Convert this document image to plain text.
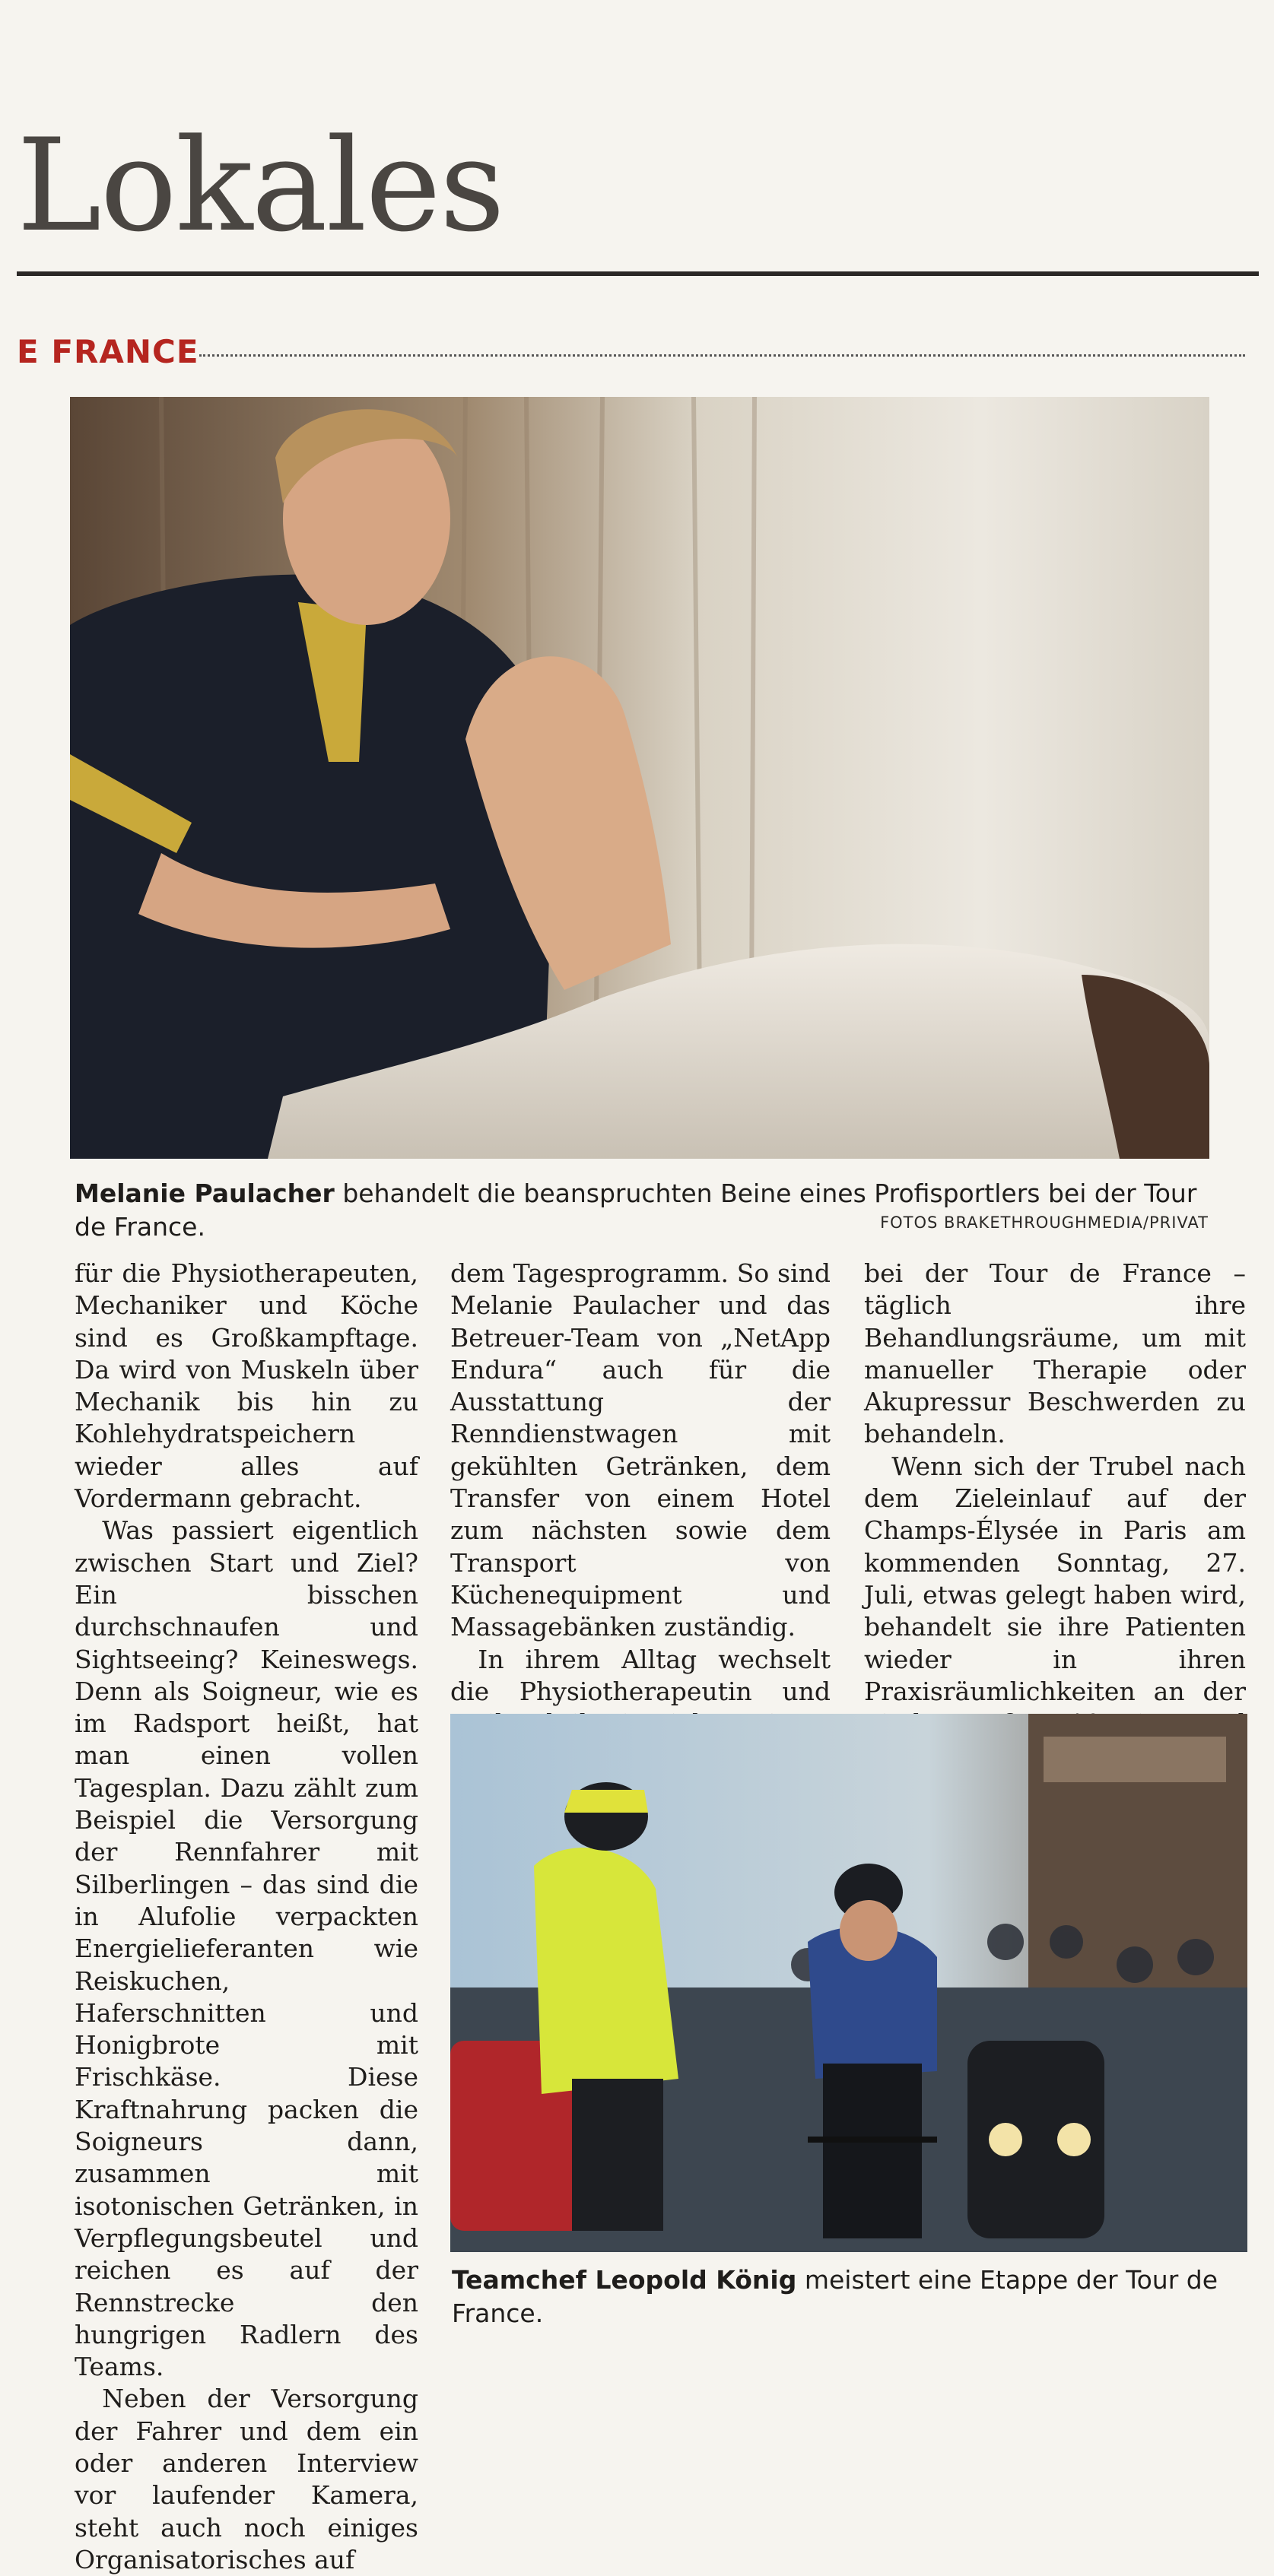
Lokales
E FRANCE
Melanie Paulacher behandelt die beanspruchten Beine eines Profisportlers bei der Tour de France.	FOTOS BRAKETHROUGHMEDIA/PRIVAT

für die Physiotherapeuten, Mechaniker und Köche sind es Großkampftage. Da wird von Muskeln über Mechanik bis hin zu Kohlehydratspeichern wieder alles auf Vordermann gebracht.

Was passiert eigentlich zwischen Start und Ziel? Ein bisschen durchschnaufen und Sightseeing? Keineswegs. Denn als Soigneur, wie es im Radsport heißt, hat man einen vollen Tagesplan. Dazu zählt zum Beispiel die Versorgung der Rennfahrer mit Silberlingen – das sind die in Alufolie verpackten Energielieferanten wie Reiskuchen, Haferschnitten und Honigbrote mit Frischkäse. Diese Kraftnahrung packen die Soigneurs dann, zusammen mit isotonischen Getränken, in Verpflegungsbeutel und reichen es auf der Rennstrecke den hungrigen Radlern des Teams.

Neben der Versorgung der Fahrer und dem ein oder anderen Interview vor laufender Kamera, steht auch noch einiges Organisatorisches auf

dem Tagesprogramm. So sind Melanie Paulacher und das Betreuer-Team von „NetApp Endura“ auch für die Ausstattung der Renndienstwagen mit gekühlten Getränken, dem Transfer von einem Hotel zum nächsten sowie dem Transport von Küchenequipment und Massagebänken zuständig.

In ihrem Alltag wechselt die Physiotherapeutin und

bei der Tour de France – täglich ihre Behandlungsräume, um mit manueller Therapie oder Akupressur Beschwerden zu behandeln.

Wenn sich der Trubel nach dem Zieleinlauf auf der Champs-Élysée in Paris am kommenden Sonntag, 27. Juli, etwas gelegt haben wird, behandelt sie ihre Patienten wieder in ihren Praxisräumlichkeiten an der

Teamchef Leopold König meistert eine Etappe der Tour de France.
